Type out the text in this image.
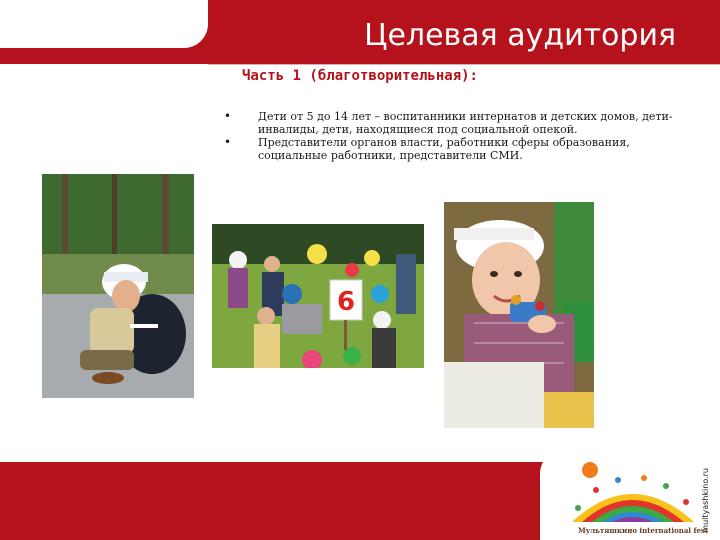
Целевая аудитория
Часть 1 (благотворительная):
• Дети от 5 до 14 лет – воспитанники интернатов и детских домов, дети-инвалиды, дети, находящиеся под социальной опекой.
• Представители органов власти, работники сферы образования, социальные работники, представители СМИ.
6
multyashkino.ru
Мультяшкино international fest
